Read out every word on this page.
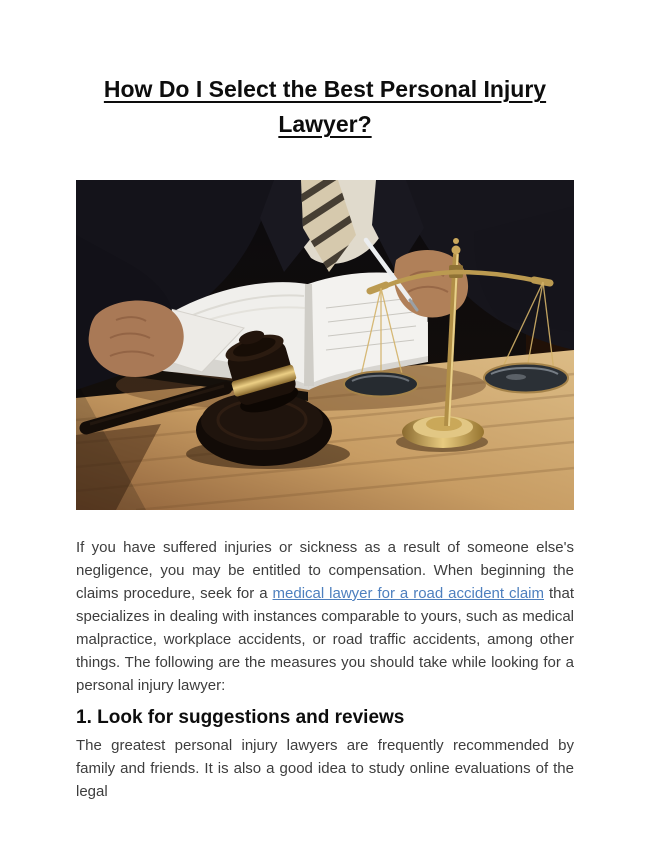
How Do I Select the Best Personal Injury Lawyer?

If you have suffered injuries or sickness as a result of someone else's negligence, you may be entitled to compensation. When beginning the claims procedure, seek for a medical lawyer for a road accident claim that specializes in dealing with instances comparable to yours, such as medical malpractice, workplace accidents, or road traffic accidents, among other things. The following are the measures you should take while looking for a personal injury lawyer:

1. Look for suggestions and reviews

The greatest personal injury lawyers are frequently recommended by family and friends. It is also a good idea to study online evaluations of the legal
